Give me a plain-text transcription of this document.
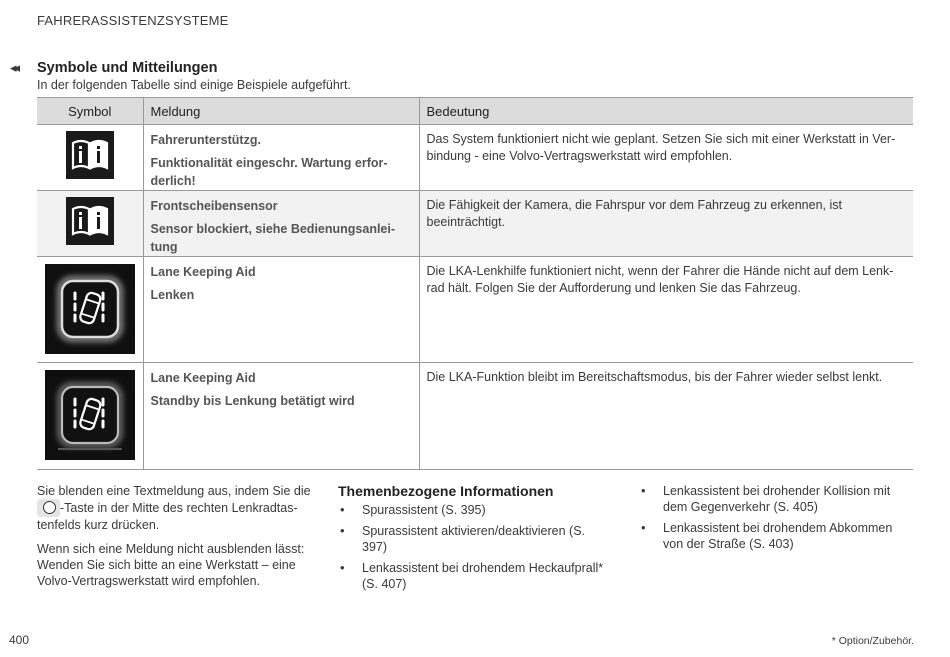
FAHRERASSISTENZSYSTEME
◂◂ Symbole und Mitteilungen
In der folgenden Tabelle sind einige Beispiele aufgeführt.
Symbol	Meldung	Bedeutung

Fahrerunterstützg.
Funktionalität eingeschr. Wartung erforderlich!	Das System funktioniert nicht wie geplant. Setzen Sie sich mit einer Werkstatt in Verbindung - eine Volvo-Vertragswerkstatt wird empfohlen.

Frontscheibensensor
Sensor blockiert, siehe Bedienungsanleitung	Die Fähigkeit der Kamera, die Fahrspur vor dem Fahrzeug zu erkennen, ist beeinträchtigt.

Lane Keeping Aid
Lenken	Die LKA-Lenkhilfe funktioniert nicht, wenn der Fahrer die Hände nicht auf dem Lenkrad hält. Folgen Sie der Aufforderung und lenken Sie das Fahrzeug.

Lane Keeping Aid
Standby bis Lenkung betätigt wird	Die LKA-Funktion bleibt im Bereitschaftsmodus, bis der Fahrer wieder selbst lenkt.

Sie blenden eine Textmeldung aus, indem Sie die -Taste in der Mitte des rechten Lenkradtastenfelds kurz drücken.

Wenn sich eine Meldung nicht ausblenden lässt: Wenden Sie sich bitte an eine Werkstatt – eine Volvo-Vertragswerkstatt wird empfohlen.

Themenbezogene Informationen
• Spurassistent (S. 395)
• Spurassistent aktivieren/deaktivieren (S. 397)
• Lenkassistent bei drohendem Heckaufprall* (S. 407)
• Lenkassistent bei drohender Kollision mit dem Gegenverkehr (S. 405)
• Lenkassistent bei drohendem Abkommen von der Straße (S. 403)
400	* Option/Zubehör.
